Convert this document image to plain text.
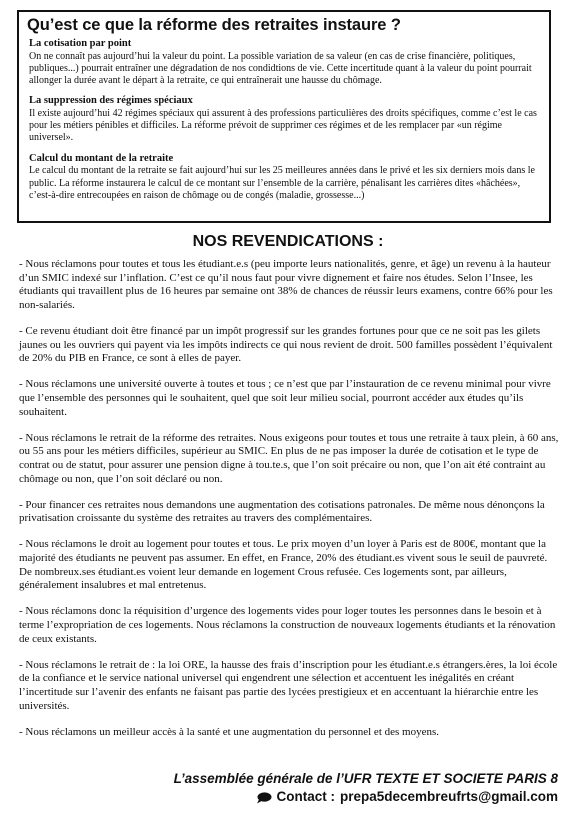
Qu’est ce que la réforme des retraites instaure ?
La cotisation par point
On ne connaît pas aujourd’hui la valeur du point. La possible variation de sa valeur (en cas de crise financière, politiques, publiques...) pourrait entraîner une dégradation de nos condidtions de vie. Cette incertitude quant à la valeur du point pourrait allonger la durée avant le départ à la retraite, ce qui entraînerait une hausse du chômage.
La suppression des régimes spéciaux
Il existe aujourd’hui 42 régimes spéciaux qui assurent à des professions particulières des droits spécifiques, comme c’est le cas pour les métiers pénibles et difficiles. La réforme prévoit de supprimer ces régimes et de les remplacer par «un régime universel».
Calcul du montant de la retraite
Le calcul du montant de la retraite se fait aujourd’hui sur les 25 meilleures années dans le privé et les six derniers mois dans le public. La réforme instaurera le calcul de ce montant sur l’ensemble de la carrière, pénalisant les carrières dites «hâchées», c’est-à-dire entrecoupées en raison de chômage ou de congés (maladie, grossesse...)
NOS REVENDICATIONS :

- Nous réclamons pour toutes et tous les étudiant.e.s (peu importe leurs nationalités, genre, et âge) un revenu à la hauteur d’un SMIC indexé sur l’inflation. C’est ce qu’il nous faut pour vivre dignement et faire nos études. Selon l’Insee, les étudiants qui travaillent plus de 16 heures par semaine ont 38% de chances de réussir leurs examens, contre 66% pour les non-salariés.

- Ce revenu étudiant doit être financé par un impôt progressif sur les grandes fortunes pour que ce ne soit pas les gilets jaunes ou les ouvriers qui payent via les impôts indirects ce qui nous revient de droit. 500 familles possèdent l’équivalent de 20% du PIB en France, ce sont à elles de payer.

- Nous réclamons une université ouverte à toutes et tous ; ce n’est que par l’instauration de ce revenu minimal pour vivre que l’ensemble des personnes qui le souhaitent, quel que soit leur milieu social, pourront accéder aux études qu’ils souhaitent.

- Nous réclamons le retrait de la réforme des retraites. Nous exigeons pour toutes et tous une retraite à taux plein, à 60 ans, ou 55 ans pour les métiers difficiles, supérieur au SMIC. En plus de ne pas imposer la durée de cotisation et le type de contrat ou de statut, pour assurer une pension digne à tou.te.s, que l’on soit précaire ou non, que l’on ait été contraint au chômage ou non, que l’on soit déclaré ou non.

- Pour financer ces retraites nous demandons une augmentation des cotisations patronales. De même nous dénonçons la privatisation croissante du système des retraites au travers des complémentaires.

- Nous réclamons le droit au logement pour toutes et tous. Le prix moyen d’un loyer à Paris est de 800€, montant que la majorité des étudiants ne peuvent pas assumer. En effet, en France, 20% des étudiant.es vivent sous le seuil de pauvreté. De nombreux.ses étudiant.es voient leur demande en logement Crous refusée. Ces logements sont, par ailleurs, généralement insalubres et mal entretenus.

- Nous réclamons donc la réquisition d’urgence des logements vides pour loger toutes les personnes dans le besoin et à terme l’expropriation de ces logements. Nous réclamons la construction de nouveaux logements étudiants et la rénovation de ceux existants.

- Nous réclamons le retrait de : la loi ORE, la hausse des frais d’inscription pour les étudiant.e.s étrangers.ères, la loi école de la confiance et le service national universel qui engendrent une sélection et accentuent les inégalités en créant l’incertitude sur l’avenir des enfants ne faisant pas partie des lycées prestigieux et en accentuant la hiérarchie entre les universités.

- Nous réclamons un meilleur accès à la santé et une augmentation du personnel et des moyens.

L’assemblée générale de l’UFR TEXTE ET SOCIETE PARIS 8
Contact : prepa5decembreufrts@gmail.com
